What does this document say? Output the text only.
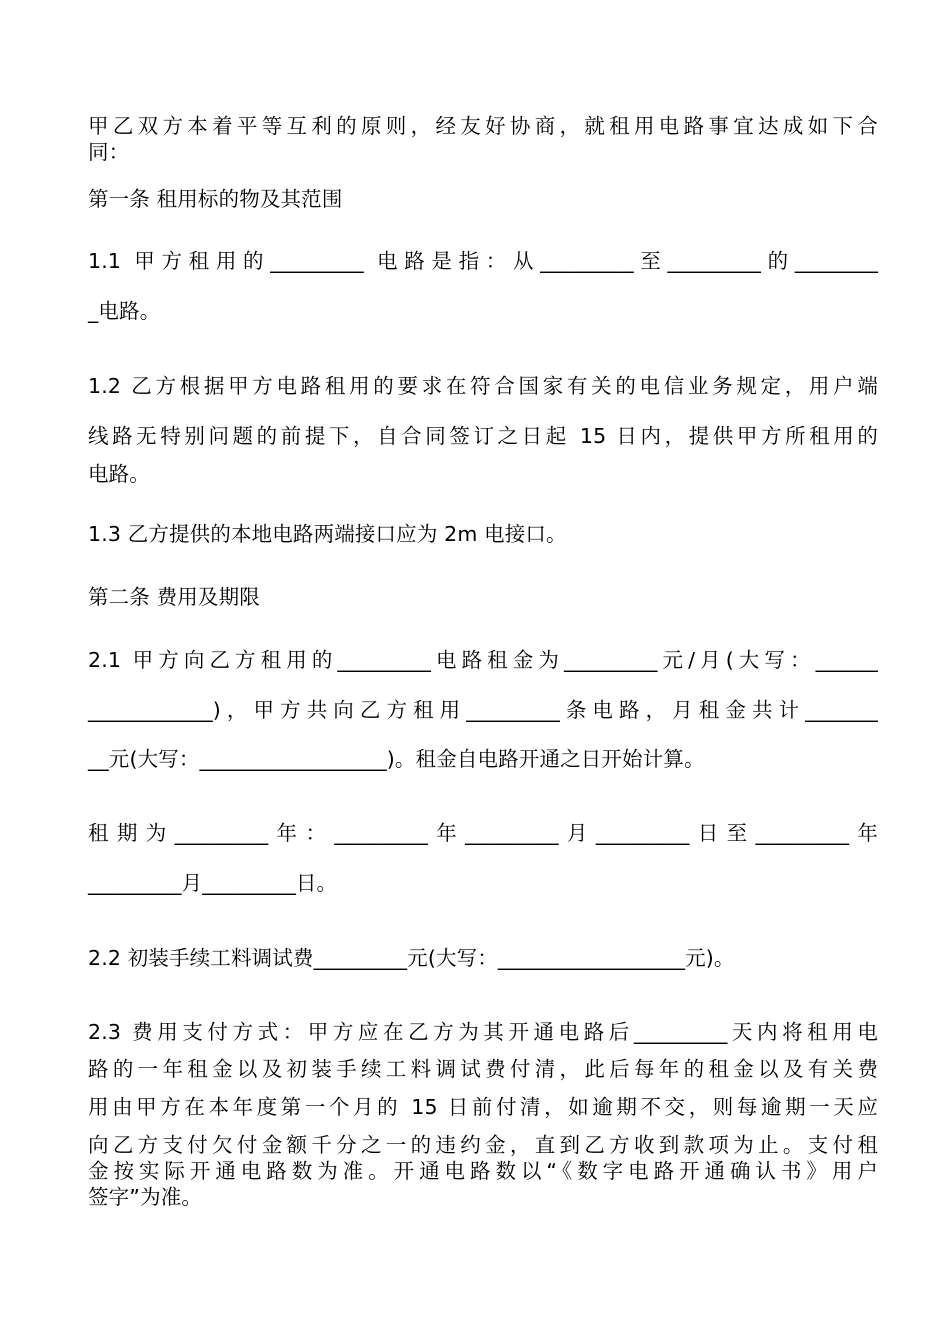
甲乙双方本着平等互利的原则，经友好协商，就租用电路事宜达成如下合
同：
第一条 租用标的物及其范围
1.1 甲方租用的_________ 电路是指：从_________至_________的________
_电路。
1.2 乙方根据甲方电路租用的要求在符合国家有关的电信业务规定，用户端
线路无特别问题的前提下，自合同签订之日起 15 日内，提供甲方所租用的
电路。
1.3 乙方提供的本地电路两端接口应为 2m 电接口。
第二条 费用及期限
2.1 甲方向乙方租用的_________电路租金为_________元/月(大写：______
____________)，甲方共向乙方租用_________条电路，月租金共计_______
__元(大写：__________________)。租金自电路开通之日开始计算。
租期为_________年：_________年_________月_________日至_________年
_________月_________日。
2.2 初装手续工料调试费_________元(大写：__________________元)。
2.3 费用支付方式：甲方应在乙方为其开通电路后_________天内将租用电
路的一年租金以及初装手续工料调试费付清，此后每年的租金以及有关费
用由甲方在本年度第一个月的 15 日前付清，如逾期不交，则每逾期一天应
向乙方支付欠付金额千分之一的违约金，直到乙方收到款项为止。支付租
金按实际开通电路数为准。开通电路数以“《数字电路开通确认书》用户
签字”为准。
